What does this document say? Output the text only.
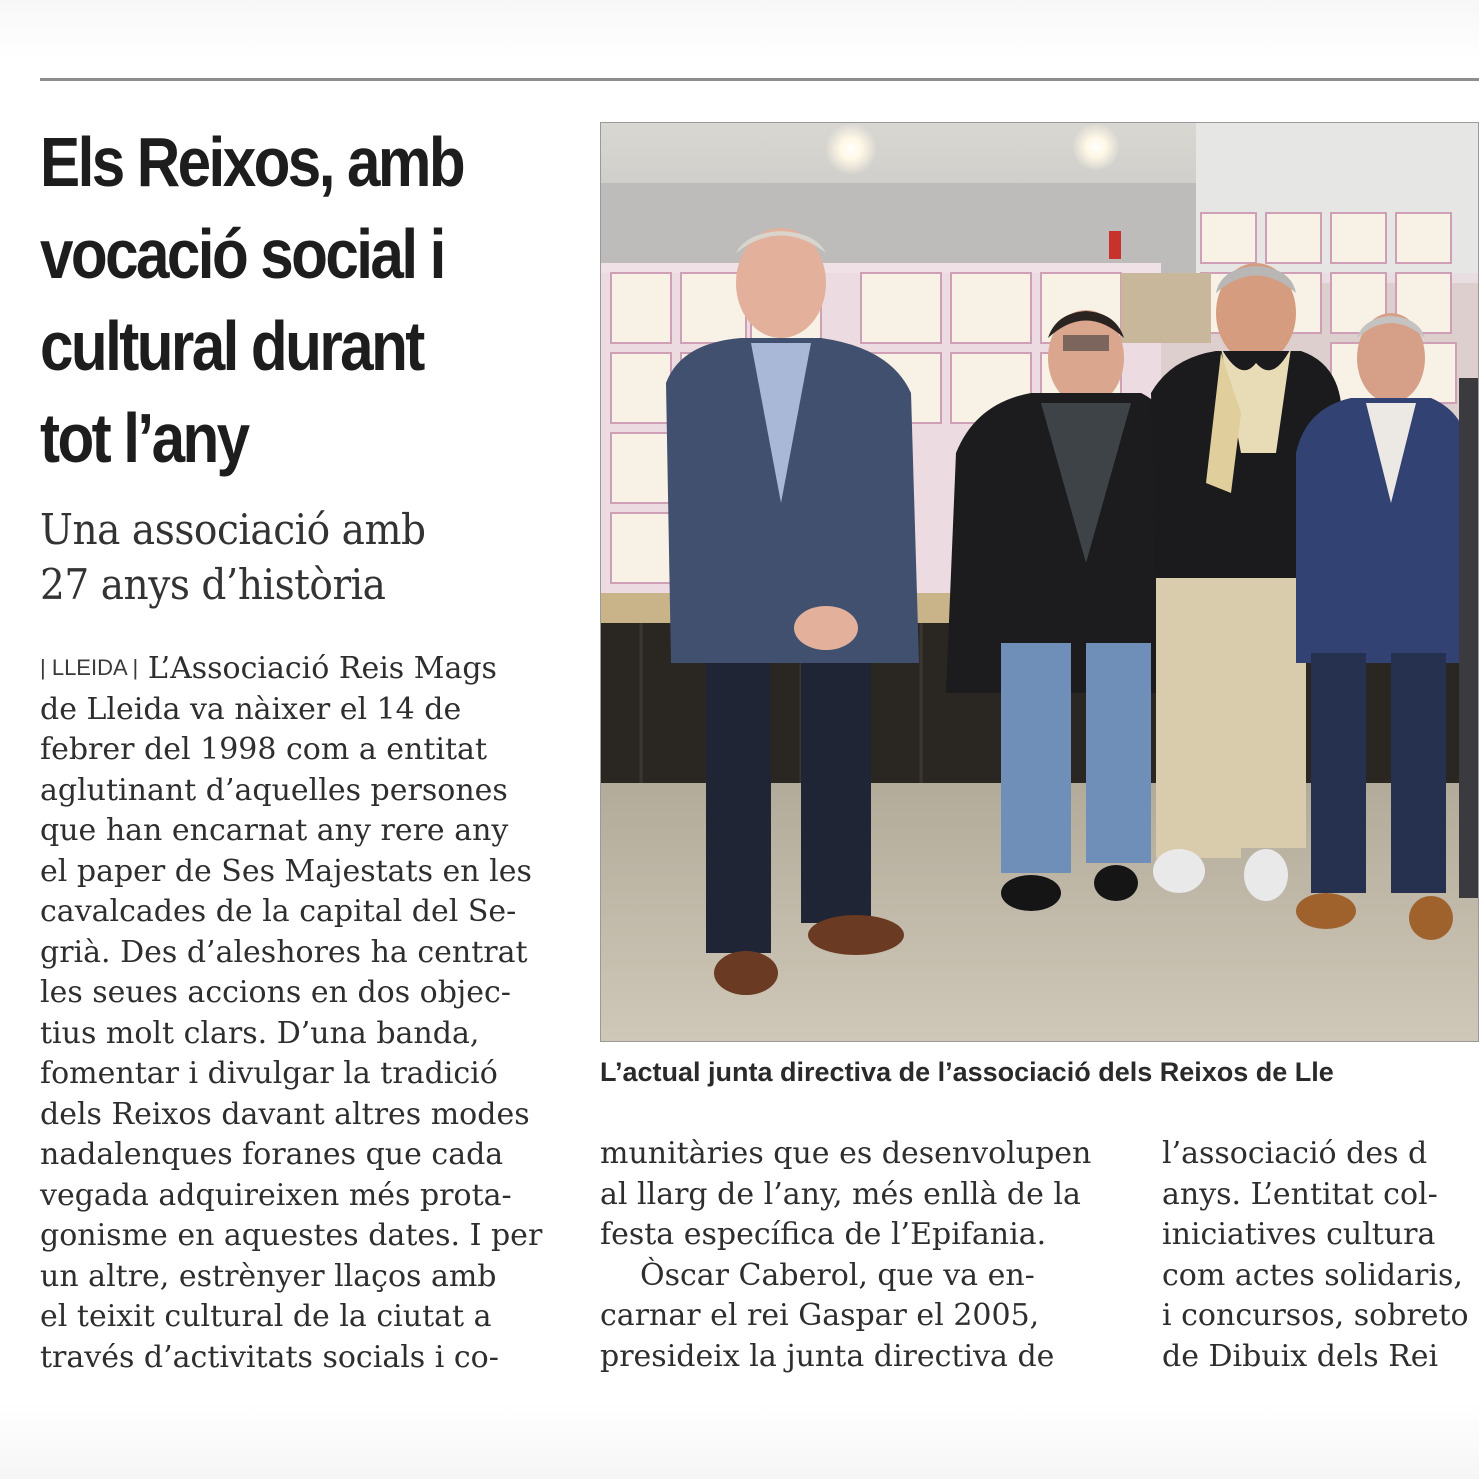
Els Reixos, amb
vocació social i
cultural durant
tot l’any
Una associació amb
27 anys d’història
| LLEIDA | L’Associació Reis Mags
de Lleida va nàixer el 14 de
febrer del 1998 com a entitat
aglutinant d’aquelles persones
que han encarnat any rere any
el paper de Ses Majestats en les
cavalcades de la capital del Se-
grià. Des d’aleshores ha centrat
les seues accions en dos objec-
tius molt clars. D’una banda,
fomentar i divulgar la tradició
dels Reixos davant altres modes
nadalenques foranes que cada
vegada adquireixen més prota-
gonisme en aquestes dates. I per
un altre, estrènyer llaços amb
el teixit cultural de la ciutat a
través d’activitats socials i co-

L’actual junta directiva de l’associació dels Reixos de Lle

munitàries que es desenvolupen
al llarg de l’any, més enllà de la
festa específica de l’Epifania.
Òscar Caberol, que va en-
carnar el rei Gaspar el 2005,
presideix la junta directiva de
l’associació des d
anys. L’entitat col-
iniciatives cultura
com actes solidaris,
i concursos, sobreto
de Dibuix dels Rei
